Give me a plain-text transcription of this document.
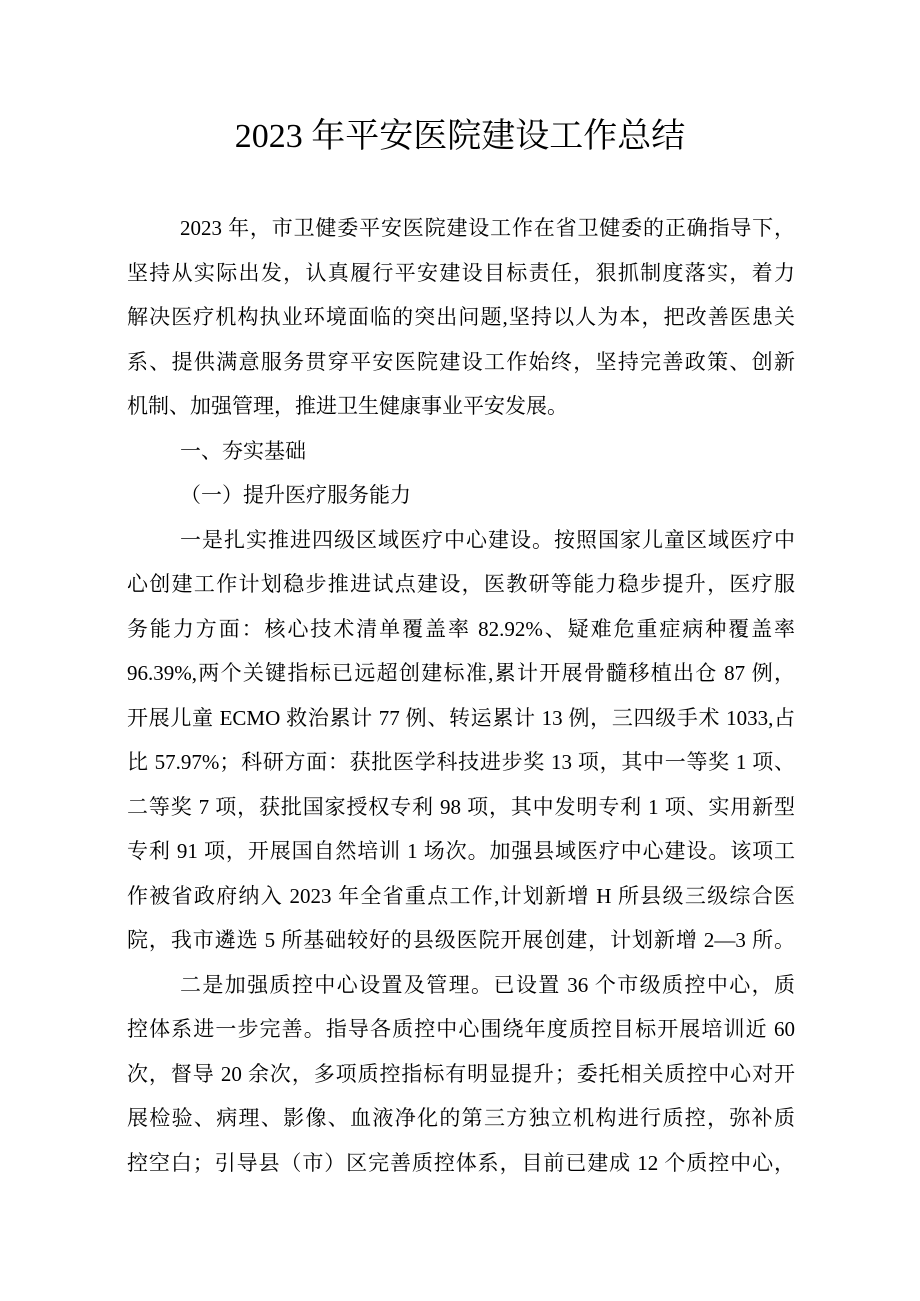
2023 年平安医院建设工作总结
2023 年，市卫健委平安医院建设工作在省卫健委的正确指导下，
坚持从实际出发，认真履行平安建设目标责任，狠抓制度落实，着力
解决医疗机构执业环境面临的突出问题,坚持以人为本，把改善医患关
系、提供满意服务贯穿平安医院建设工作始终，坚持完善政策、创新
机制、加强管理，推进卫生健康事业平安发展。
一、夯实基础
（一）提升医疗服务能力
一是扎实推进四级区域医疗中心建设。按照国家儿童区域医疗中
心创建工作计划稳步推进试点建设，医教研等能力稳步提升，医疗服
务能力方面：核心技术清单覆盖率 82.92%、疑难危重症病种覆盖率
96.39%,两个关键指标已远超创建标准,累计开展骨髓移植出仓 87 例，
开展儿童 ECMO 救治累计 77 例、转运累计 13 例，三四级手术 1033,占
比 57.97%；科研方面：获批医学科技进步奖 13 项，其中一等奖 1 项、
二等奖 7 项，获批国家授权专利 98 项，其中发明专利 1 项、实用新型
专利 91 项，开展国自然培训 1 场次。加强县域医疗中心建设。该项工
作被省政府纳入 2023 年全省重点工作,计划新增 H 所县级三级综合医
院，我市遴选 5 所基础较好的县级医院开展创建，计划新增 2—3 所。
二是加强质控中心设置及管理。已设置 36 个市级质控中心，质
控体系进一步完善。指导各质控中心围绕年度质控目标开展培训近 60
次，督导 20 余次，多项质控指标有明显提升；委托相关质控中心对开
展检验、病理、影像、血液净化的第三方独立机构进行质控，弥补质
控空白；引导县（市）区完善质控体系，目前已建成 12 个质控中心，
